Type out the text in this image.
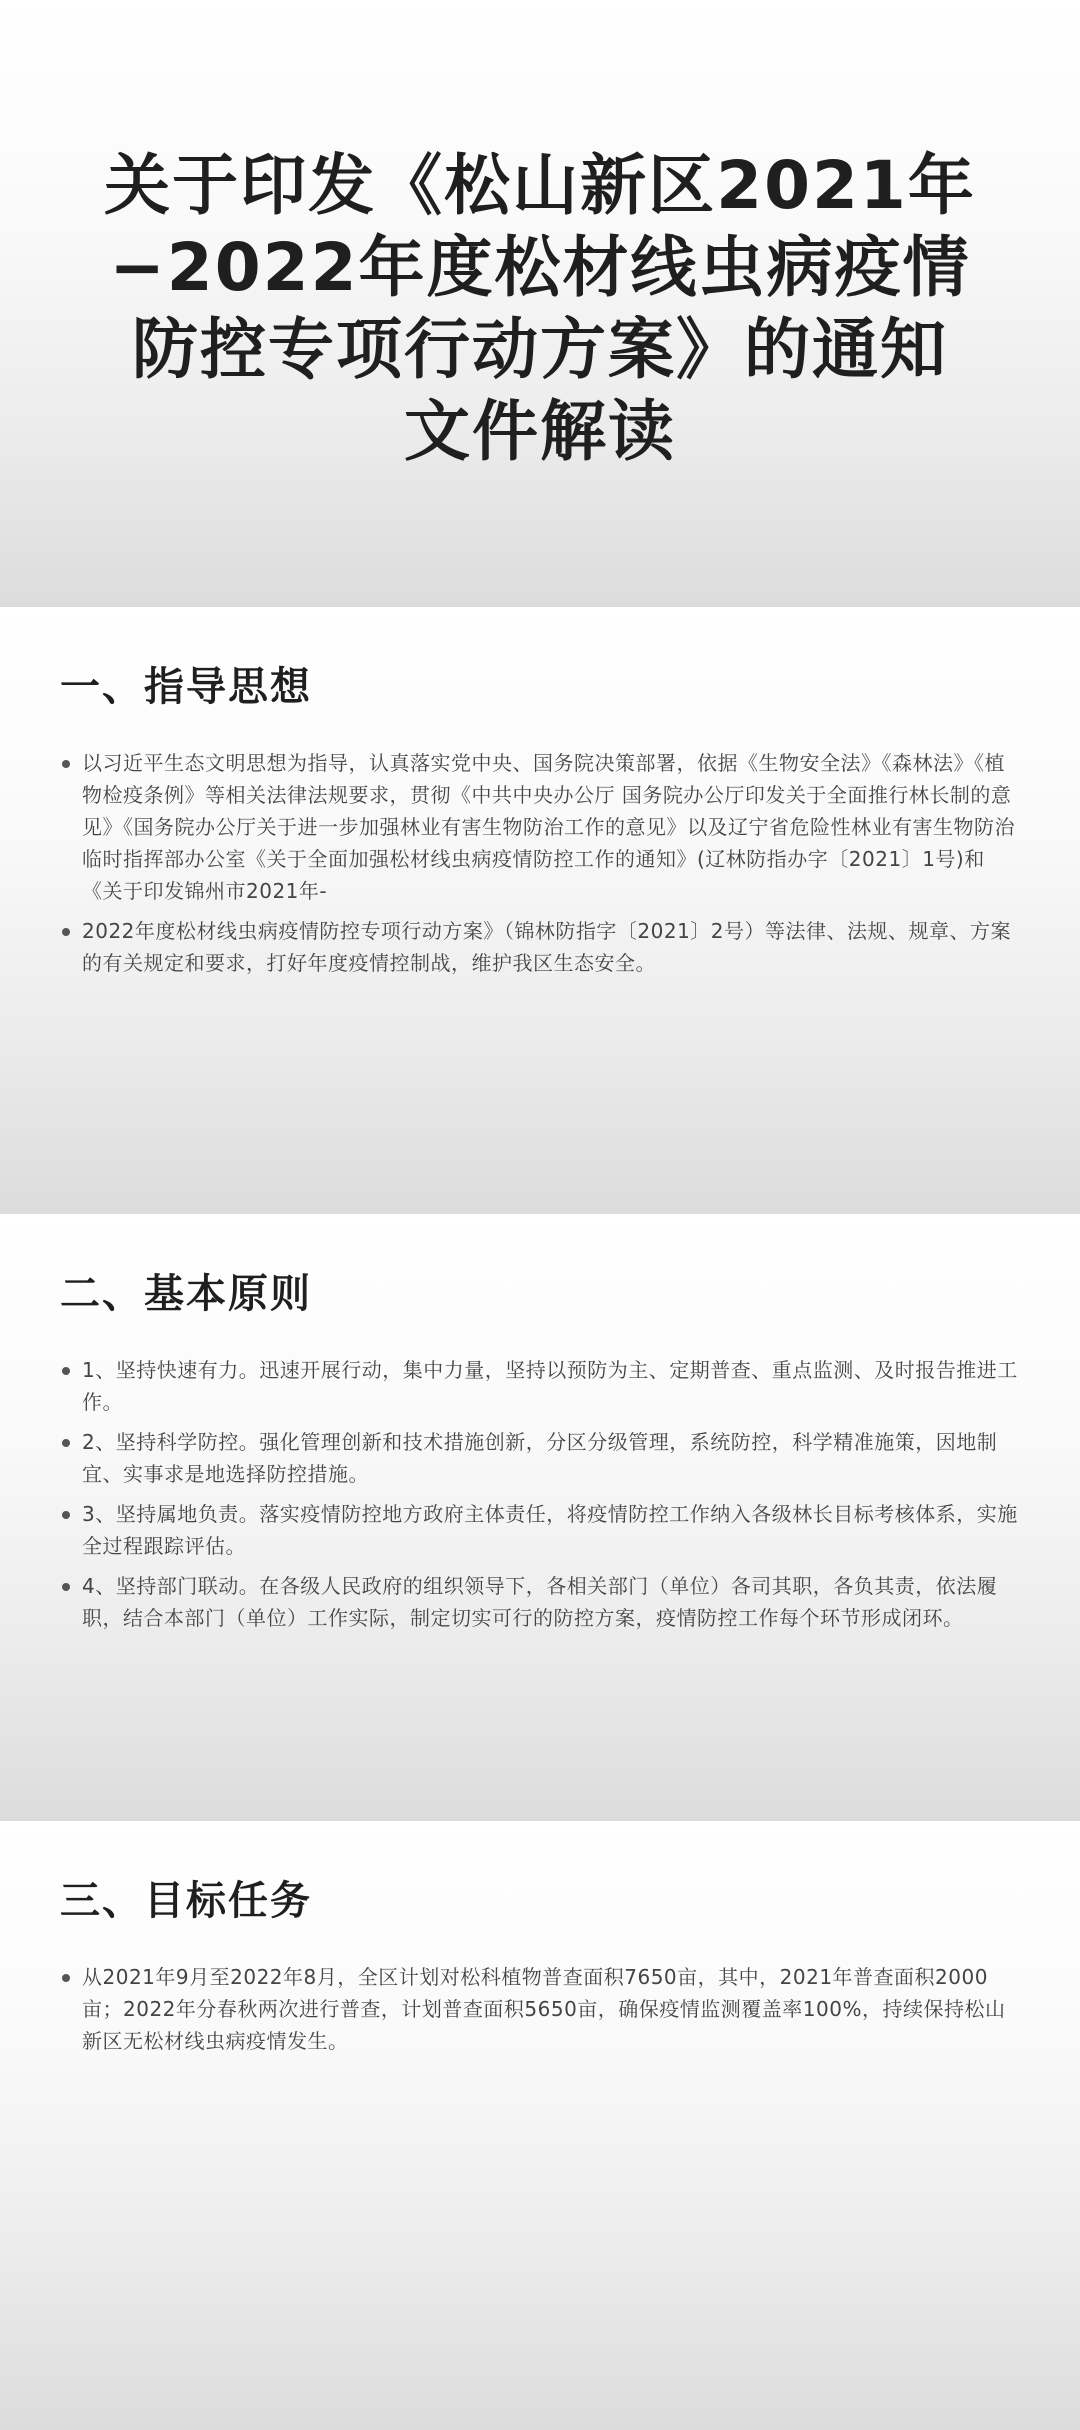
关于印发《松山新区2021年
−2022年度松材线虫病疫情
防控专项行动方案》的通知
文件解读
一、指导思想
以习近平生态文明思想为指导，认真落实党中央、国务院决策部署，依据《生物安全法》《森林法》《植物检疫条例》等相关法律法规要求，贯彻《中共中央办公厅 国务院办公厅印发关于全面推行林长制的意见》《国务院办公厅关于进一步加强林业有害生物防治工作的意见》以及辽宁省危险性林业有害生物防治临时指挥部办公室《关于全面加强松材线虫病疫情防控工作的通知》(辽林防指办字〔2021〕1号)和《关于印发锦州市2021年-
2022年度松材线虫病疫情防控专项行动方案》（锦林防指字〔2021〕2号）等法律、法规、规章、方案的有关规定和要求，打好年度疫情控制战，维护我区生态安全。
二、基本原则
1、坚持快速有力。迅速开展行动，集中力量，坚持以预防为主、定期普查、重点监测、及时报告推进工作。
2、坚持科学防控。强化管理创新和技术措施创新，分区分级管理，系统防控，科学精准施策，因地制宜、实事求是地选择防控措施。
3、坚持属地负责。落实疫情防控地方政府主体责任，将疫情防控工作纳入各级林长目标考核体系，实施全过程跟踪评估。
4、坚持部门联动。在各级人民政府的组织领导下，各相关部门（单位）各司其职，各负其责，依法履职，结合本部门（单位）工作实际，制定切实可行的防控方案，疫情防控工作每个环节形成闭环。
三、目标任务
从2021年9月至2022年8月，全区计划对松科植物普查面积7650亩，其中，2021年普查面积2000亩；2022年分春秋两次进行普查，计划普查面积5650亩，确保疫情监测覆盖率100%，持续保持松山新区无松材线虫病疫情发生。
